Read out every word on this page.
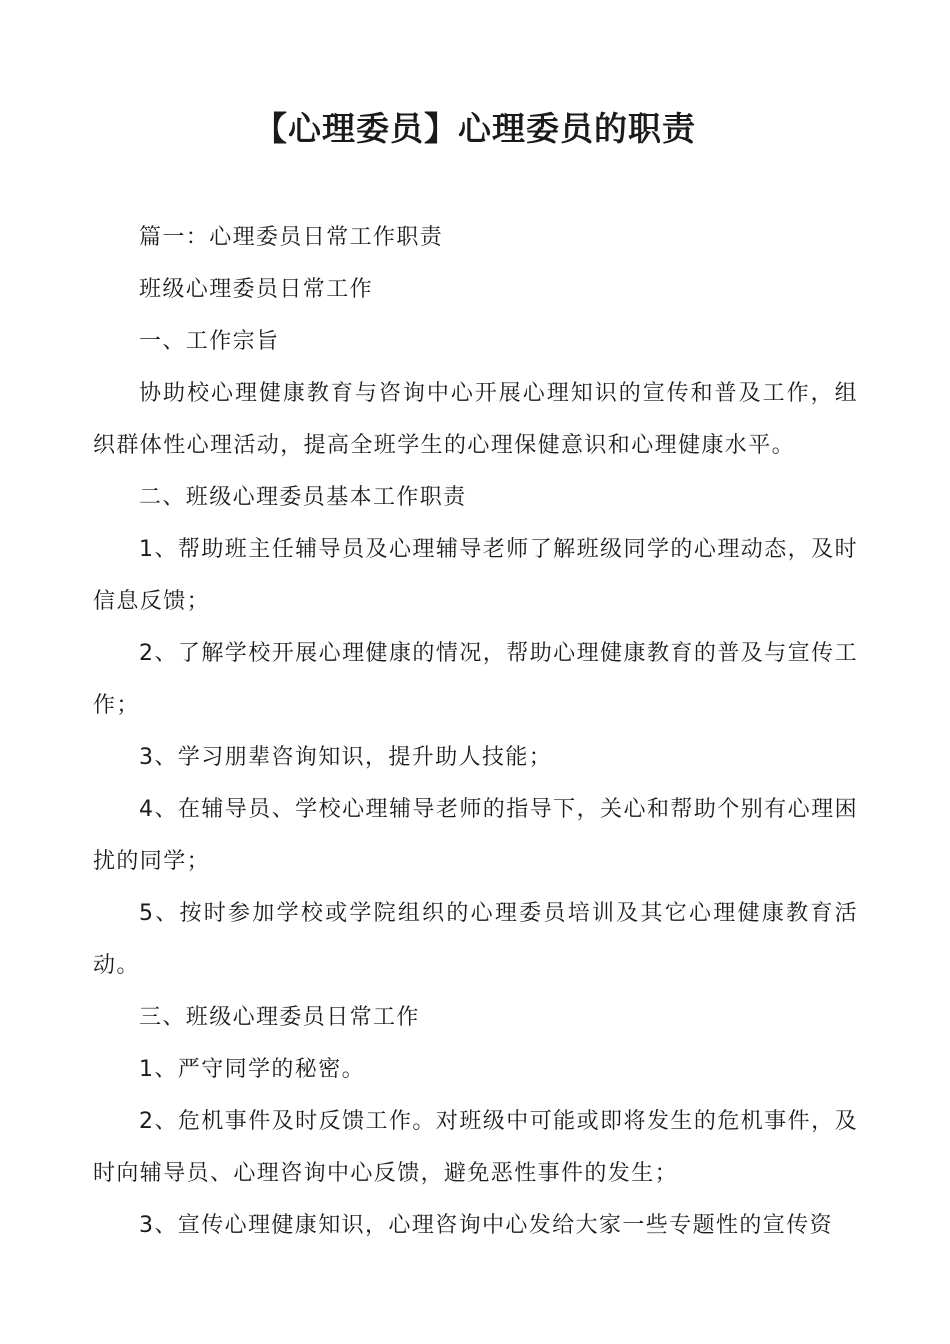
【心理委员】心理委员的职责

篇一：心理委员日常工作职责

班级心理委员日常工作

一、工作宗旨

协助校心理健康教育与咨询中心开展心理知识的宣传和普及工作，组织群体性心理活动，提高全班学生的心理保健意识和心理健康水平。

二、班级心理委员基本工作职责

1、帮助班主任辅导员及心理辅导老师了解班级同学的心理动态，及时信息反馈；

2、了解学校开展心理健康的情况，帮助心理健康教育的普及与宣传工作；

3、学习朋辈咨询知识，提升助人技能；

4、在辅导员、学校心理辅导老师的指导下，关心和帮助个别有心理困扰的同学；

5、按时参加学校或学院组织的心理委员培训及其它心理健康教育活动。

三、班级心理委员日常工作

1、严守同学的秘密。

2、危机事件及时反馈工作。对班级中可能或即将发生的危机事件，及时向辅导员、心理咨询中心反馈，避免恶性事件的发生；

3、宣传心理健康知识，心理咨询中心发给大家一些专题性的宣传资
